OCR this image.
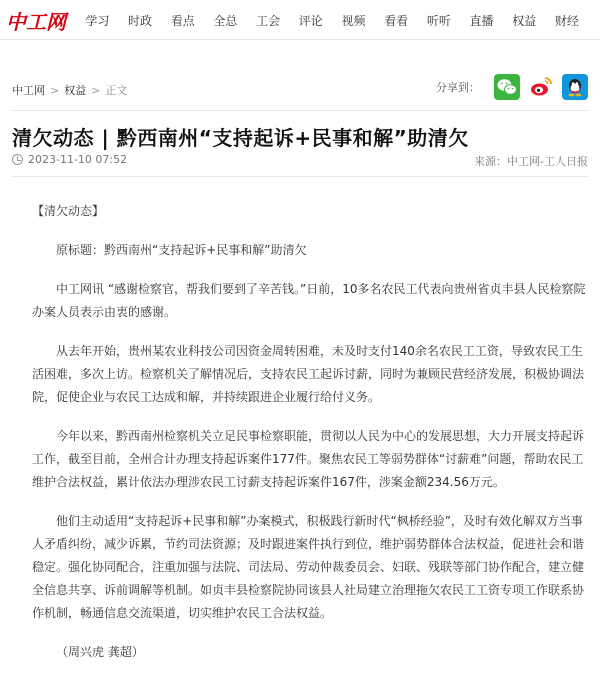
中工网	学习	时政	看点	全总	工会	评论	视频	看看	听听	直播	权益	财经
中工网 > 权益 > 正文	分享到：
清欠动态 | 黔西南州“支持起诉+民事和解”助清欠
2023-11-10 07:52	来源：中工网-工人日报

【清欠动态】

原标题：黔西南州“支持起诉+民事和解”助清欠

中工网讯 “感谢检察官，帮我们要到了辛苦钱。”日前，10多名农民工代表向贵州省贞丰县人民检察院办案人员表示由衷的感谢。

从去年开始，贵州某农业科技公司因资金周转困难，未及时支付140余名农民工工资，导致农民工生活困难，多次上访。检察机关了解情况后，支持农民工起诉讨薪，同时为兼顾民营经济发展，积极协调法院，促使企业与农民工达成和解，并持续跟进企业履行给付义务。

今年以来，黔西南州检察机关立足民事检察职能，贯彻以人民为中心的发展思想，大力开展支持起诉工作，截至目前，全州合计办理支持起诉案件177件。聚焦农民工等弱势群体“讨薪难”问题，帮助农民工维护合法权益，累计依法办理涉农民工讨薪支持起诉案件167件，涉案金额234.56万元。

他们主动适用“支持起诉+民事和解”办案模式，积极践行新时代“枫桥经验”，及时有效化解双方当事人矛盾纠纷，减少诉累，节约司法资源；及时跟进案件执行到位，维护弱势群体合法权益，促进社会和谐稳定。强化协同配合，注重加强与法院、司法局、劳动仲裁委员会、妇联、残联等部门协作配合，建立健全信息共享、诉前调解等机制。如贞丰县检察院协同该县人社局建立治理拖欠农民工工资专项工作联系协作机制，畅通信息交流渠道，切实维护农民工合法权益。

（周兴虎 龚超）
